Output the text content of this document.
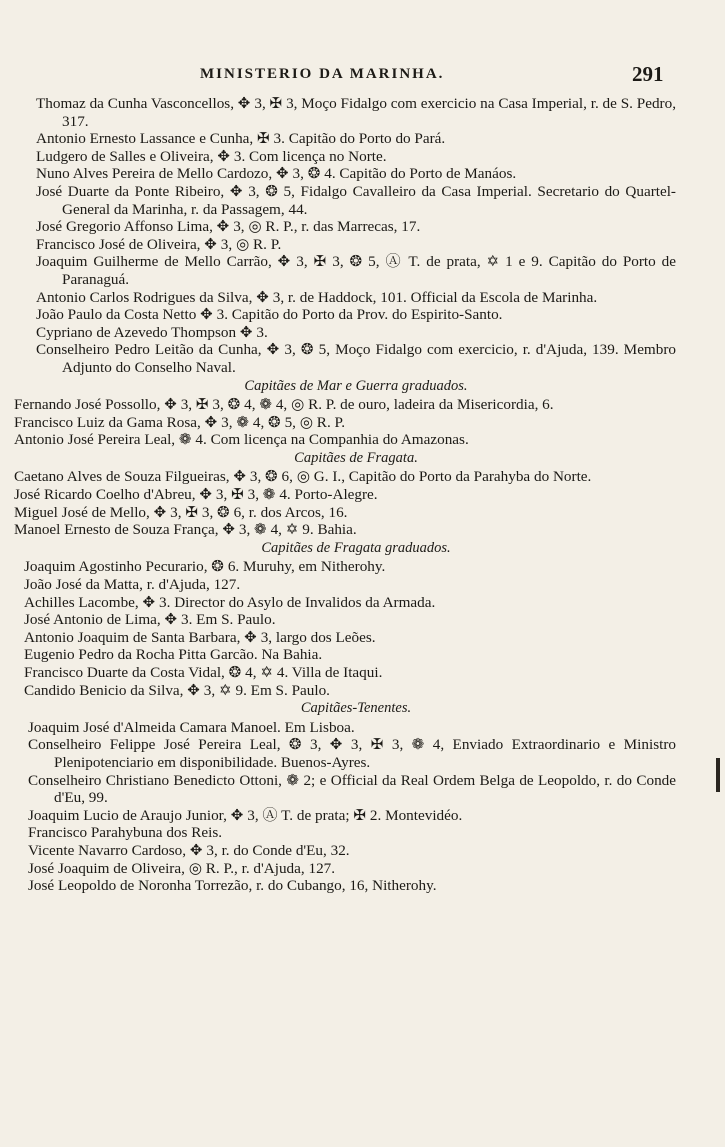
MINISTERIO DA MARINHA.	291
Thomaz da Cunha Vasconcellos, ✥ 3, ✠ 3, Moço Fidalgo com exercicio na Casa Imperial, r. de S. Pedro, 317.
Antonio Ernesto Lassance e Cunha, ✠ 3. Capitão do Porto do Pará.
Ludgero de Salles e Oliveira, ✥ 3. Com licença no Norte.
Nuno Alves Pereira de Mello Cardozo, ✥ 3, ❂ 4. Capitão do Porto de Manáos.
José Duarte da Ponte Ribeiro, ✥ 3, ❂ 5, Fidalgo Cavalleiro da Casa Imperial. Secretario do Quartel-General da Marinha, r. da Passagem, 44.
José Gregorio Affonso Lima, ✥ 3, ◎ R. P., r. das Marrecas, 17.
Francisco José de Oliveira, ✥ 3, ◎ R. P.
Joaquim Guilherme de Mello Carrão, ✥ 3, ✠ 3, ❂ 5, Ⓐ T. de prata, ✡ 1 e 9. Capitão do Porto de Paranaguá.
Antonio Carlos Rodrigues da Silva, ✥ 3, r. de Haddock, 101. Official da Escola de Marinha.
João Paulo da Costa Netto ✥ 3. Capitão do Porto da Prov. do Espirito-Santo.
Cypriano de Azevedo Thompson ✥ 3.
Conselheiro Pedro Leitão da Cunha, ✥ 3, ❂ 5, Moço Fidalgo com exercicio, r. d'Ajuda, 139. Membro Adjunto do Conselho Naval.
Capitães de Mar e Guerra graduados.
Fernando José Possollo, ✥ 3, ✠ 3, ❂ 4, ❁ 4, ◎ R. P. de ouro, ladeira da Misericordia, 6.
Francisco Luiz da Gama Rosa, ✥ 3, ❁ 4, ❂ 5, ◎ R. P.
Antonio José Pereira Leal, ❁ 4. Com licença na Companhia do Amazonas.
Capitães de Fragata.
Caetano Alves de Souza Filgueiras, ✥ 3, ❂ 6, ◎ G. I., Capitão do Porto da Parahyba do Norte.
José Ricardo Coelho d'Abreu, ✥ 3, ✠ 3, ❁ 4. Porto-Alegre.
Miguel José de Mello, ✥ 3, ✠ 3, ❂ 6, r. dos Arcos, 16.
Manoel Ernesto de Souza França, ✥ 3, ❁ 4, ✡ 9. Bahia.
Capitães de Fragata graduados.
Joaquim Agostinho Pecurario, ❂ 6. Muruhy, em Nitherohy.
João José da Matta, r. d'Ajuda, 127.
Achilles Lacombe, ✥ 3. Director do Asylo de Invalidos da Armada.
José Antonio de Lima, ✥ 3. Em S. Paulo.
Antonio Joaquim de Santa Barbara, ✥ 3, largo dos Leões.
Eugenio Pedro da Rocha Pitta Garcão. Na Bahia.
Francisco Duarte da Costa Vidal, ❂ 4, ✡ 4. Villa de Itaqui.
Candido Benicio da Silva, ✥ 3, ✡ 9. Em S. Paulo.
Capitães-Tenentes.
Joaquim José d'Almeida Camara Manoel. Em Lisboa.
Conselheiro Felippe José Pereira Leal, ❂ 3, ✥ 3, ✠ 3, ❁ 4, Enviado Extraordinario e Ministro Plenipotenciario em disponibilidade. Buenos-Ayres.
Conselheiro Christiano Benedicto Ottoni, ❁ 2; e Official da Real Ordem Belga de Leopoldo, r. do Conde d'Eu, 99.
Joaquim Lucio de Araujo Junior, ✥ 3, Ⓐ T. de prata; ✠ 2. Montevidéo.
Francisco Parahybuna dos Reis.
Vicente Navarro Cardoso, ✥ 3, r. do Conde d'Eu, 32.
José Joaquim de Oliveira, ◎ R. P., r. d'Ajuda, 127.
José Leopoldo de Noronha Torrezão, r. do Cubango, 16, Nitherohy.
